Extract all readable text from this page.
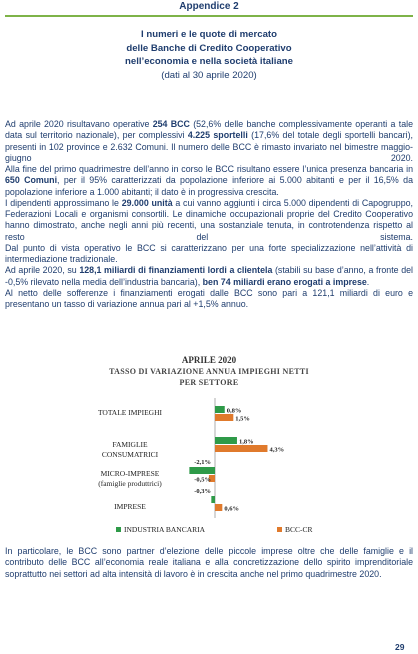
Appendice 2
I numeri e le quote di mercato
delle Banche di Credito Cooperativo
nell’economia e nella società italiane
(dati al 30 aprile 2020)

Ad aprile 2020 risultavano operative 254 BCC (52,6% delle banche complessivamente operanti a tale data sul territorio nazionale), per complessivi 4.225 sportelli (17,6% del totale degli sportelli bancari), presenti in 102 province e 2.632 Comuni. Il numero delle BCC è rimasto invariato nel bimestre maggio-giugno 2020.

Alla fine del primo quadrimestre dell’anno in corso le BCC risultano essere l’unica presenza bancaria in 650 Comuni, per il 95% caratterizzati da popolazione inferiore ai 5.000 abitanti e per il 16,5% da popolazione inferiore a 1.000 abitanti; il dato è in progressiva crescita.

I dipendenti approssimano le 29.000 unità a cui vanno aggiunti i circa 5.000 dipendenti di Capogruppo, Federazioni Locali e organismi consortili. Le dinamiche occupazionali proprie del Credito Cooperativo hanno dimostrato, anche negli anni più recenti, una sostanziale tenuta, in controtendenza rispetto al resto del sistema.

Dal punto di vista operativo le BCC si caratterizzano per una forte specializzazione nell’attività di intermediazione tradizionale.

Ad aprile 2020, su 128,1 miliardi di finanziamenti lordi a clientela (stabili su base d’anno, a fronte del -0,5% rilevato nella media dell’industria bancaria), ben 74 miliardi erano erogati a imprese.

Al netto delle sofferenze i finanziamenti erogati dalle BCC sono pari a 121,1 miliardi di euro e presentano un tasso di variazione annua pari al +1,5% annuo.

APRILE 2020
TASSO DI VARIAZIONE ANNUA IMPIEGHI NETTI
PER SETTORE
TOTALE IMPIEGHI
FAMIGLIE
CONSUMATRICI
MICRO-IMPRESE
(famiglie produttrici)
IMPRESE
0,8%
1,8%
-2,1%
-0,3%
1,5%
4,3%
-0,5%
0,6%
INDUSTRIA BANCARIA	BCC-CR

In particolare, le BCC sono partner d’elezione delle piccole imprese oltre che delle famiglie e il contributo delle BCC all’economia reale italiana e alla concretizzazione dello spirito imprenditoriale soprattutto nei settori ad alta intensità di lavoro è in crescita anche nel primo quadrimestre 2020.

29
